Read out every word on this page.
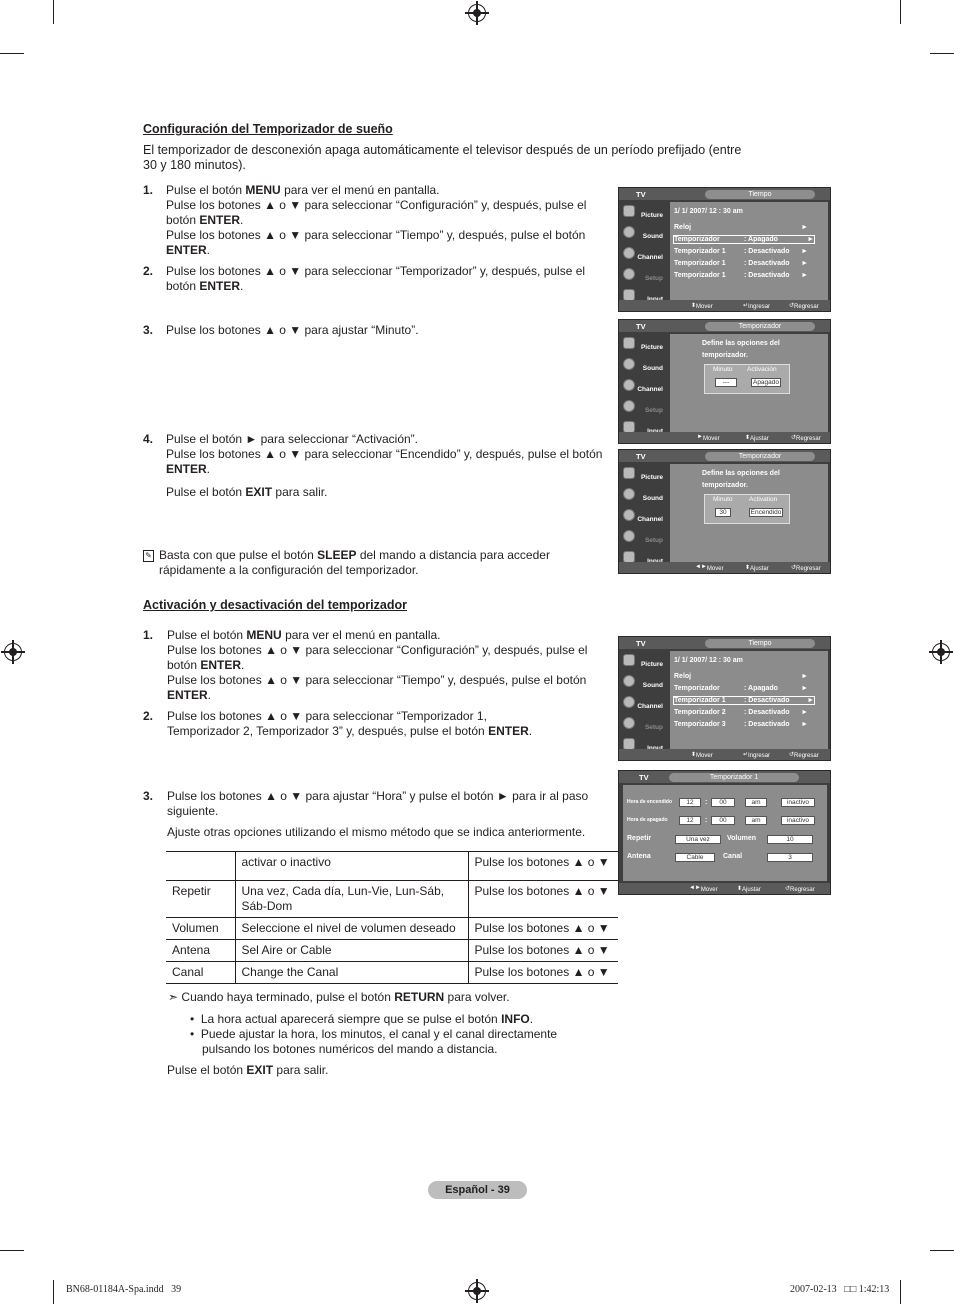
Configuración del Temporizador de sueño
El temporizador de desconexión apaga automáticamente el televisor después de un período prefijado (entre 30 y 180 minutos).
1. Pulse el botón MENU para ver el menú en pantalla.
Pulse los botones ▲ o ▼ para seleccionar “Configuración” y, después, pulse el
botón ENTER.
Pulse los botones ▲ o ▼ para seleccionar “Tiempo” y, después, pulse el botón
ENTER.
2. Pulse los botones ▲ o ▼ para seleccionar “Temporizador” y, después, pulse el
botón ENTER.
3. Pulse los botones ▲ o ▼ para ajustar “Minuto”.
4. Pulse el botón ► para seleccionar “Activación”.
Pulse los botones ▲ o ▼ para seleccionar “Encendido” y, después, pulse el botón
ENTER.
Pulse el botón EXIT para salir.
✎ Basta con que pulse el botón SLEEP del mando a distancia para acceder
rápidamente a la configuración del temporizador.
TV	Tiempo
Picture
Sound
Channel
Setup
1/ 1/ 2007/ 12 : 30 am
Reloj	►
Temporizador	: Apagado	►
Temporizador 1	: Desactivado ►
Temporizador 1	: Desactivado ►
Temporizador 1	: Desactivado ►
⬍ Mover	↵ Ingresar	↺ Regresar
TV	Temporizador
Picture
Sound
Channel
Setup
Define las opciones del
temporizador.
Minuto Activación
---	Apagado
► Mover	⬍ Ajustar	↺ Regresar
TV	Temporizador
Picture
Sound
Channel
Setup
Define las opciones del
temporizador.
Minuto	Activation
30	Encendido
◄► Mover	⬍ Ajustar	↺ Regresar
Activación y desactivación del temporizador
1. Pulse el botón MENU para ver el menú en pantalla.
Pulse los botones ▲ o ▼ para seleccionar “Configuración” y, después, pulse el
botón ENTER.
Pulse los botones ▲ o ▼ para seleccionar “Tiempo” y, después, pulse el botón
ENTER.
2. Pulse los botones ▲ o ▼ para seleccionar “Temporizador 1,
Temporizador 2, Temporizador 3” y, después, pulse el botón ENTER.
3. Pulse los botones ▲ o ▼ para ajustar “Hora” y pulse el botón ► para ir al paso
siguiente.
Ajuste otras opciones utilizando el mismo método que se indica anteriormente.
	activar o inactivo	Pulse los botones ▲ o ▼
Repetir	Una vez, Cada día, Lun-Vie, Lun-Sáb, Sáb-Dom	Pulse los botones ▲ o ▼
Volumen	Seleccione el nivel de volumen deseado	Pulse los botones ▲ o ▼
Antena	Sel Aire or Cable	Pulse los botones ▲ o ▼
Canal	Change the Canal	Pulse los botones ▲ o ▼
➣ Cuando haya terminado, pulse el botón RETURN para volver.
•  La hora actual aparecerá siempre que se pulse el botón INFO.
•  Puede ajustar la hora, los minutos, el canal y el canal directamente
pulsando los botones numéricos del mando a distancia.
Pulse el botón EXIT para salir.
TV	Tiempo
Picture
Sound
Channel
Setup
1/ 1/ 2007/ 12 : 30 am
Reloj	►
Temporizador	: Apagado	►
Temporizador 1	: Desactivado	►
Temporizador 2	: Desactivado ►
Temporizador 3	: Desactivado ►
⬍ Mover	↵ Ingresar	↺ Regresar
TV	Temporizador 1
Hora de encendido	12	:	00	am	inactivo
Hora de apagado	12	:	00	am	inactivo
Repetir	Una vez	Volumen	10
Antena	Cable	Canal	3
◄► Mover	⬍ Ajustar	↺ Regresar
Español - 39
BN68-01184A-Spa.indd   39	2007-02-13   □□ 1:42:13
